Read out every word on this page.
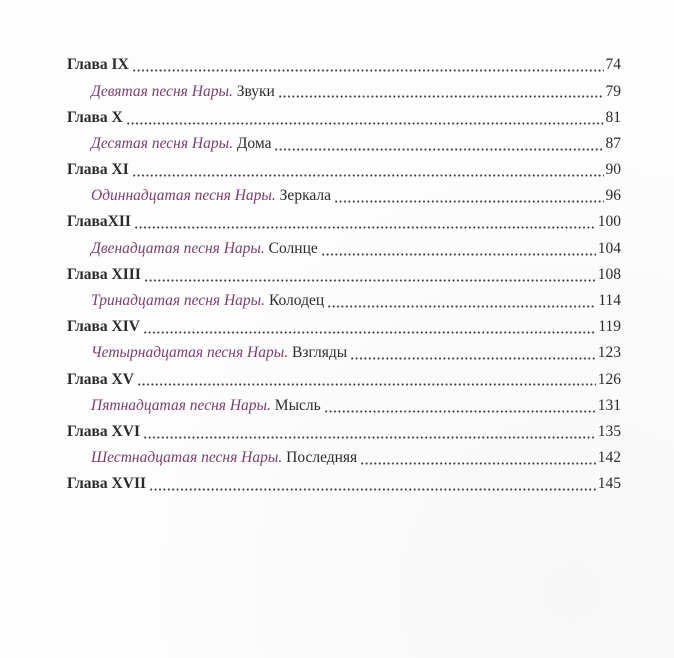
Глава IX	74
Девятая песня Нары. Звуки	79
Глава X	81
Десятая песня Нары. Дома	87
Глава XI	90
Одиннадцатая песня Нары. Зеркала	96
ГлаваXII	100
Двенадцатая песня Нары. Солнце	104
Глава XIII	108
Тринадцатая песня Нары. Колодец	114
Глава XIV	119
Четырнадцатая песня Нары. Взгляды	123
Глава XV	126
Пятнадцатая песня Нары. Мысль	131
Глава XVI	135
Шестнадцатая песня Нары. Последняя	142
Глава XVII	145
